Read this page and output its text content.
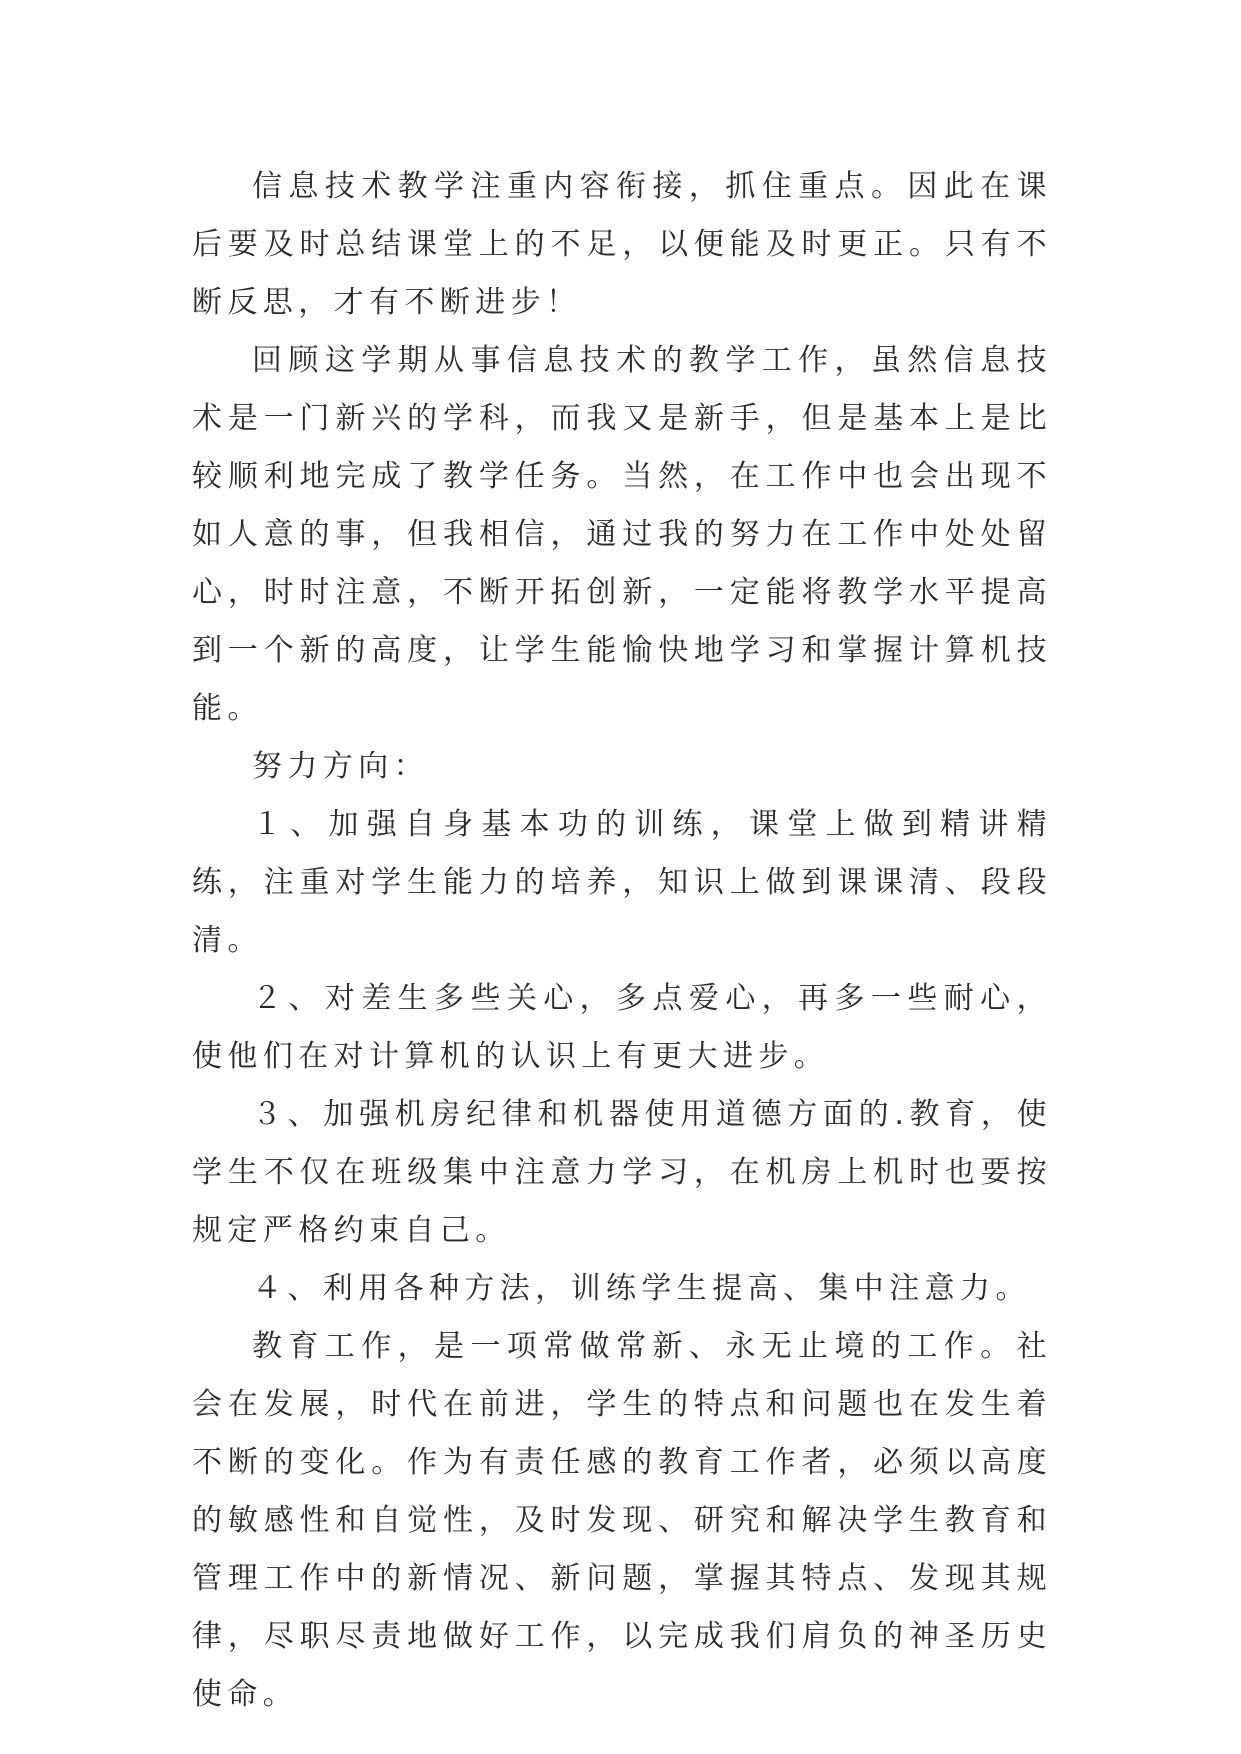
信息技术教学注重内容衔接，抓住重点。因此在课后要及时总结课堂上的不足，以便能及时更正。只有不断反思，才有不断进步！

回顾这学期从事信息技术的教学工作，虽然信息技术是一门新兴的学科，而我又是新手，但是基本上是比较顺利地完成了教学任务。当然，在工作中也会出现不如人意的事，但我相信，通过我的努力在工作中处处留心，时时注意，不断开拓创新，一定能将教学水平提高到一个新的高度，让学生能愉快地学习和掌握计算机技能。

努力方向：

１、加强自身基本功的训练，课堂上做到精讲精练，注重对学生能力的培养，知识上做到课课清、段段清。

２、对差生多些关心，多点爱心，再多一些耐心，使他们在对计算机的认识上有更大进步。

３、加强机房纪律和机器使用道德方面的.教育，使学生不仅在班级集中注意力学习，在机房上机时也要按规定严格约束自己。

４、利用各种方法，训练学生提高、集中注意力。

教育工作，是一项常做常新、永无止境的工作。社会在发展，时代在前进，学生的特点和问题也在发生着不断的变化。作为有责任感的教育工作者，必须以高度的敏感性和自觉性，及时发现、研究和解决学生教育和管理工作中的新情况、新问题，掌握其特点、发现其规律，尽职尽责地做好工作，以完成我们肩负的神圣历史使命。
